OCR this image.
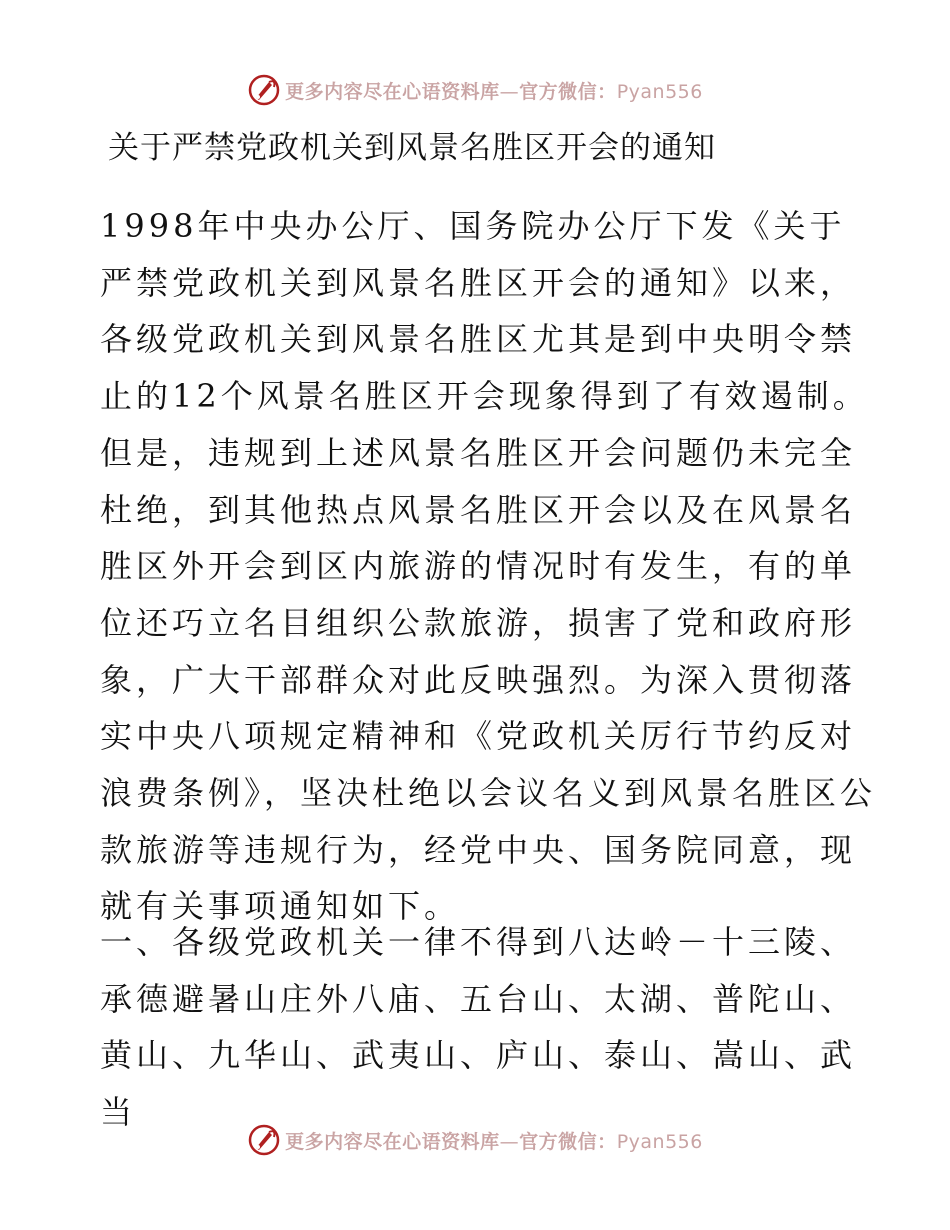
更多内容尽在心语资料库—官方微信：Pyan556
关于严禁党政机关到风景名胜区开会的通知

1998年中央办公厅、国务院办公厅下发《关于严禁党政机关到风景名胜区开会的通知》以来，各级党政机关到风景名胜区尤其是到中央明令禁止的12个风景名胜区开会现象得到了有效遏制。但是，违规到上述风景名胜区开会问题仍未完全杜绝，到其他热点风景名胜区开会以及在风景名胜区外开会到区内旅游的情况时有发生，有的单位还巧立名目组织公款旅游，损害了党和政府形象，广大干部群众对此反映强烈。为深入贯彻落实中央八项规定精神和《党政机关厉行节约反对浪费条例》，坚决杜绝以会议名义到风景名胜区公款旅游等违规行为，经党中央、国务院同意，现就有关事项通知如下。

一、各级党政机关一律不得到八达岭－十三陵、承德避暑山庄外八庙、五台山、太湖、普陀山、黄山、九华山、武夷山、庐山、泰山、嵩山、武当

更多内容尽在心语资料库—官方微信：Pyan556
